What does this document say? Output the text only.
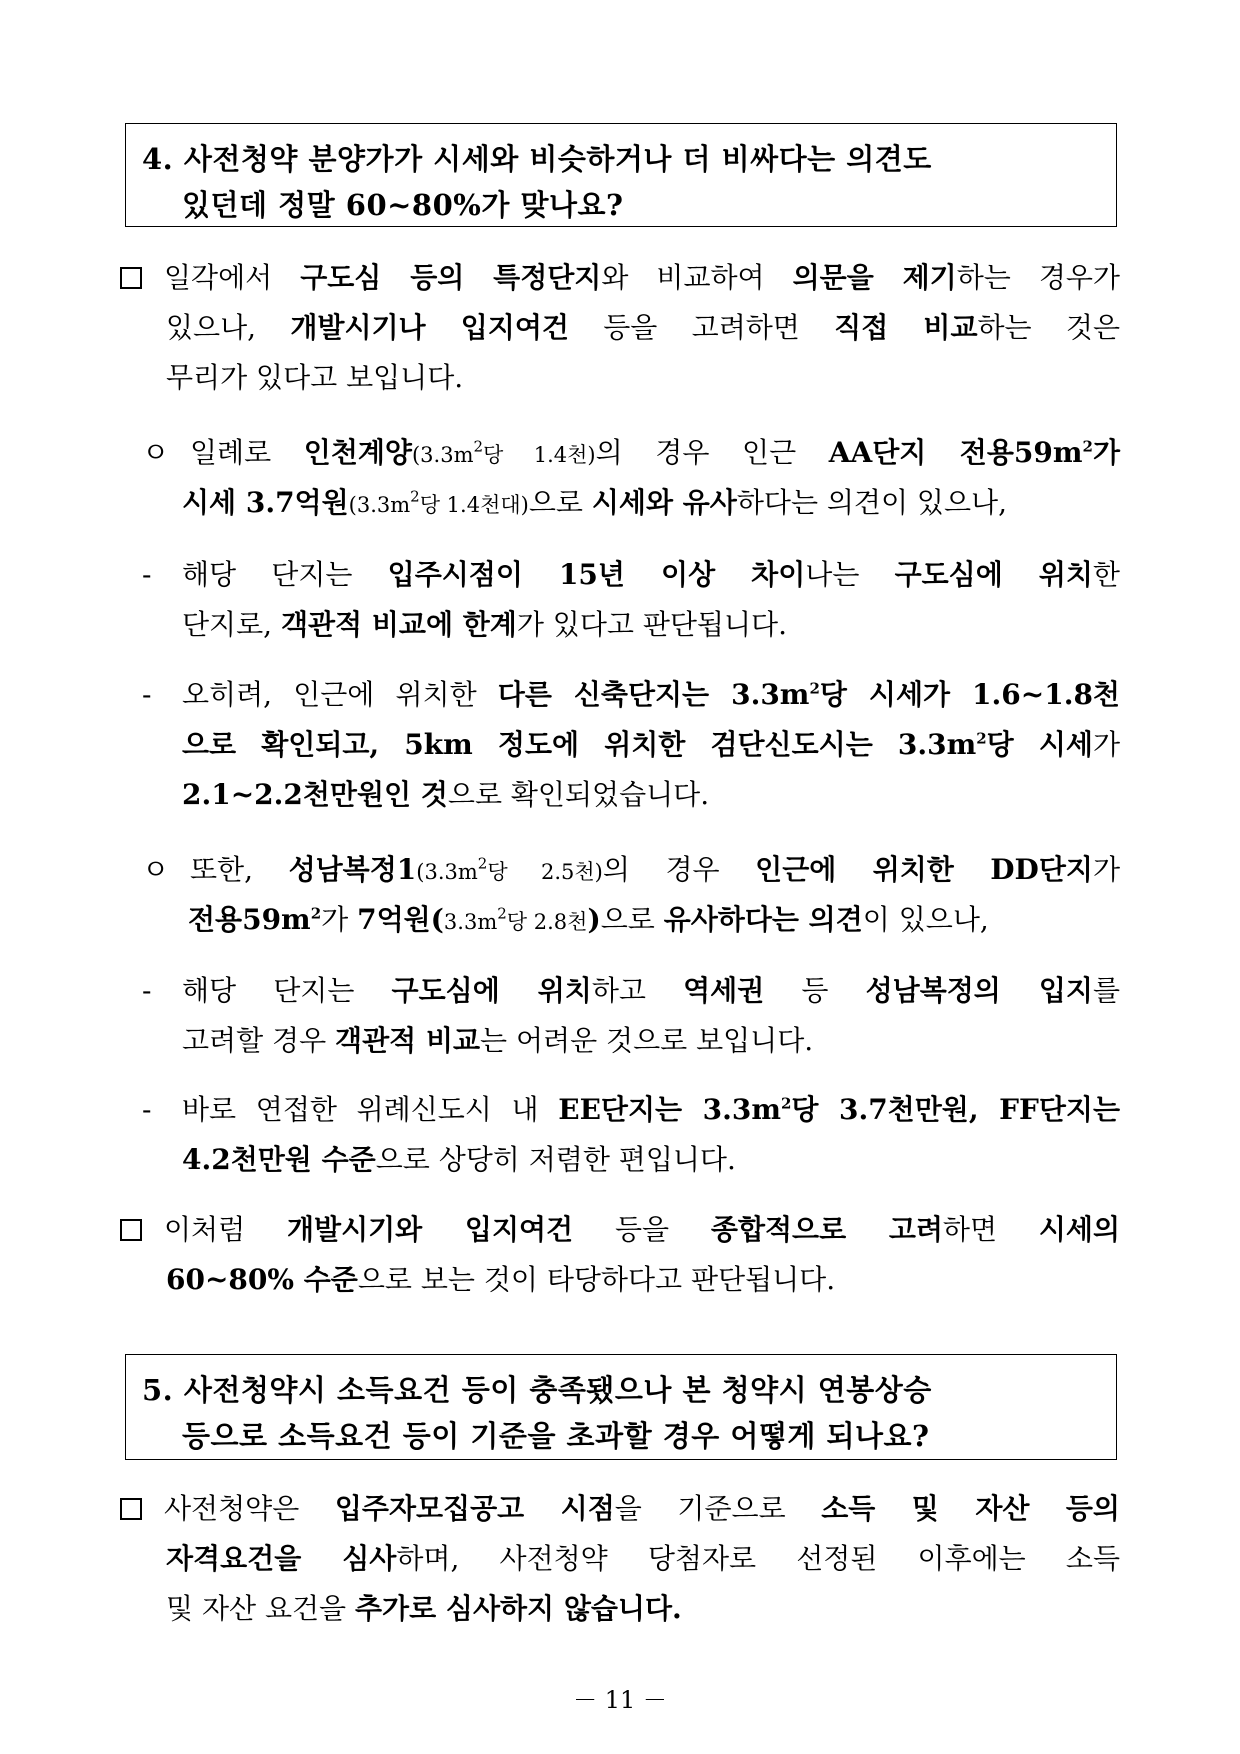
4. 사전청약 분양가가 시세와 비슷하거나 더 비싸다는 의견도
있던데 정말 60~80%가 맞나요?
일각에서 구도심 등의 특정단지와 비교하여 의문을 제기하는 경우가
있으나, 개발시기나 입지여건 등을 고려하면 직접 비교하는 것은
무리가 있다고 보입니다.
ㅇ 일례로 인천계양($3.3m^2$당 1.4천)의 경우 인근 AA단지 전용$59m^2$가
시세 3.7억원($3.3m^2$당 1.4천대)으로 시세와 유사하다는 의견이 있으나,
- 해당 단지는 입주시점이 15년 이상 차이나는 구도심에 위치한
단지로, 객관적 비교에 한계가 있다고 판단됩니다.
- 오히려, 인근에 위치한 다른 신축단지는 $3.3m^2$당 시세가 1.6~1.8천
으로 확인되고, 5km 정도에 위치한 검단신도시는 $3.3m^2$당 시세가
2.1~2.2천만원인 것으로 확인되었습니다.
ㅇ 또한, 성남복정$1(3.3m^2$당 2.5천)의 경우 인근에 위치한 DD단지가
전용$59m^2$가 7억원($3.3m^2$당 2.8천)으로 유사하다는 의견이 있으나,
- 해당 단지는 구도심에 위치하고 역세권 등 성남복정의 입지를
고려할 경우 객관적 비교는 어려운 것으로 보입니다.
- 바로 연접한 위례신도시 내 EE단지는 $3.3m^2$당 3.7천만원, FF단지는
4.2천만원 수준으로 상당히 저렴한 편입니다.
이처럼 개발시기와 입지여건 등을 종합적으로 고려하면 시세의
60~80% 수준으로 보는 것이 타당하다고 판단됩니다.
5. 사전청약시 소득요건 등이 충족됐으나 본 청약시 연봉상승
등으로 소득요건 등이 기준을 초과할 경우 어떻게 되나요?
사전청약은 입주자모집공고 시점을 기준으로 소득 및 자산 등의
자격요건을 심사하며, 사전청약 당첨자로 선정된 이후에는 소득
및 자산 요건을 추가로 심사하지 않습니다.
－ 11 －
